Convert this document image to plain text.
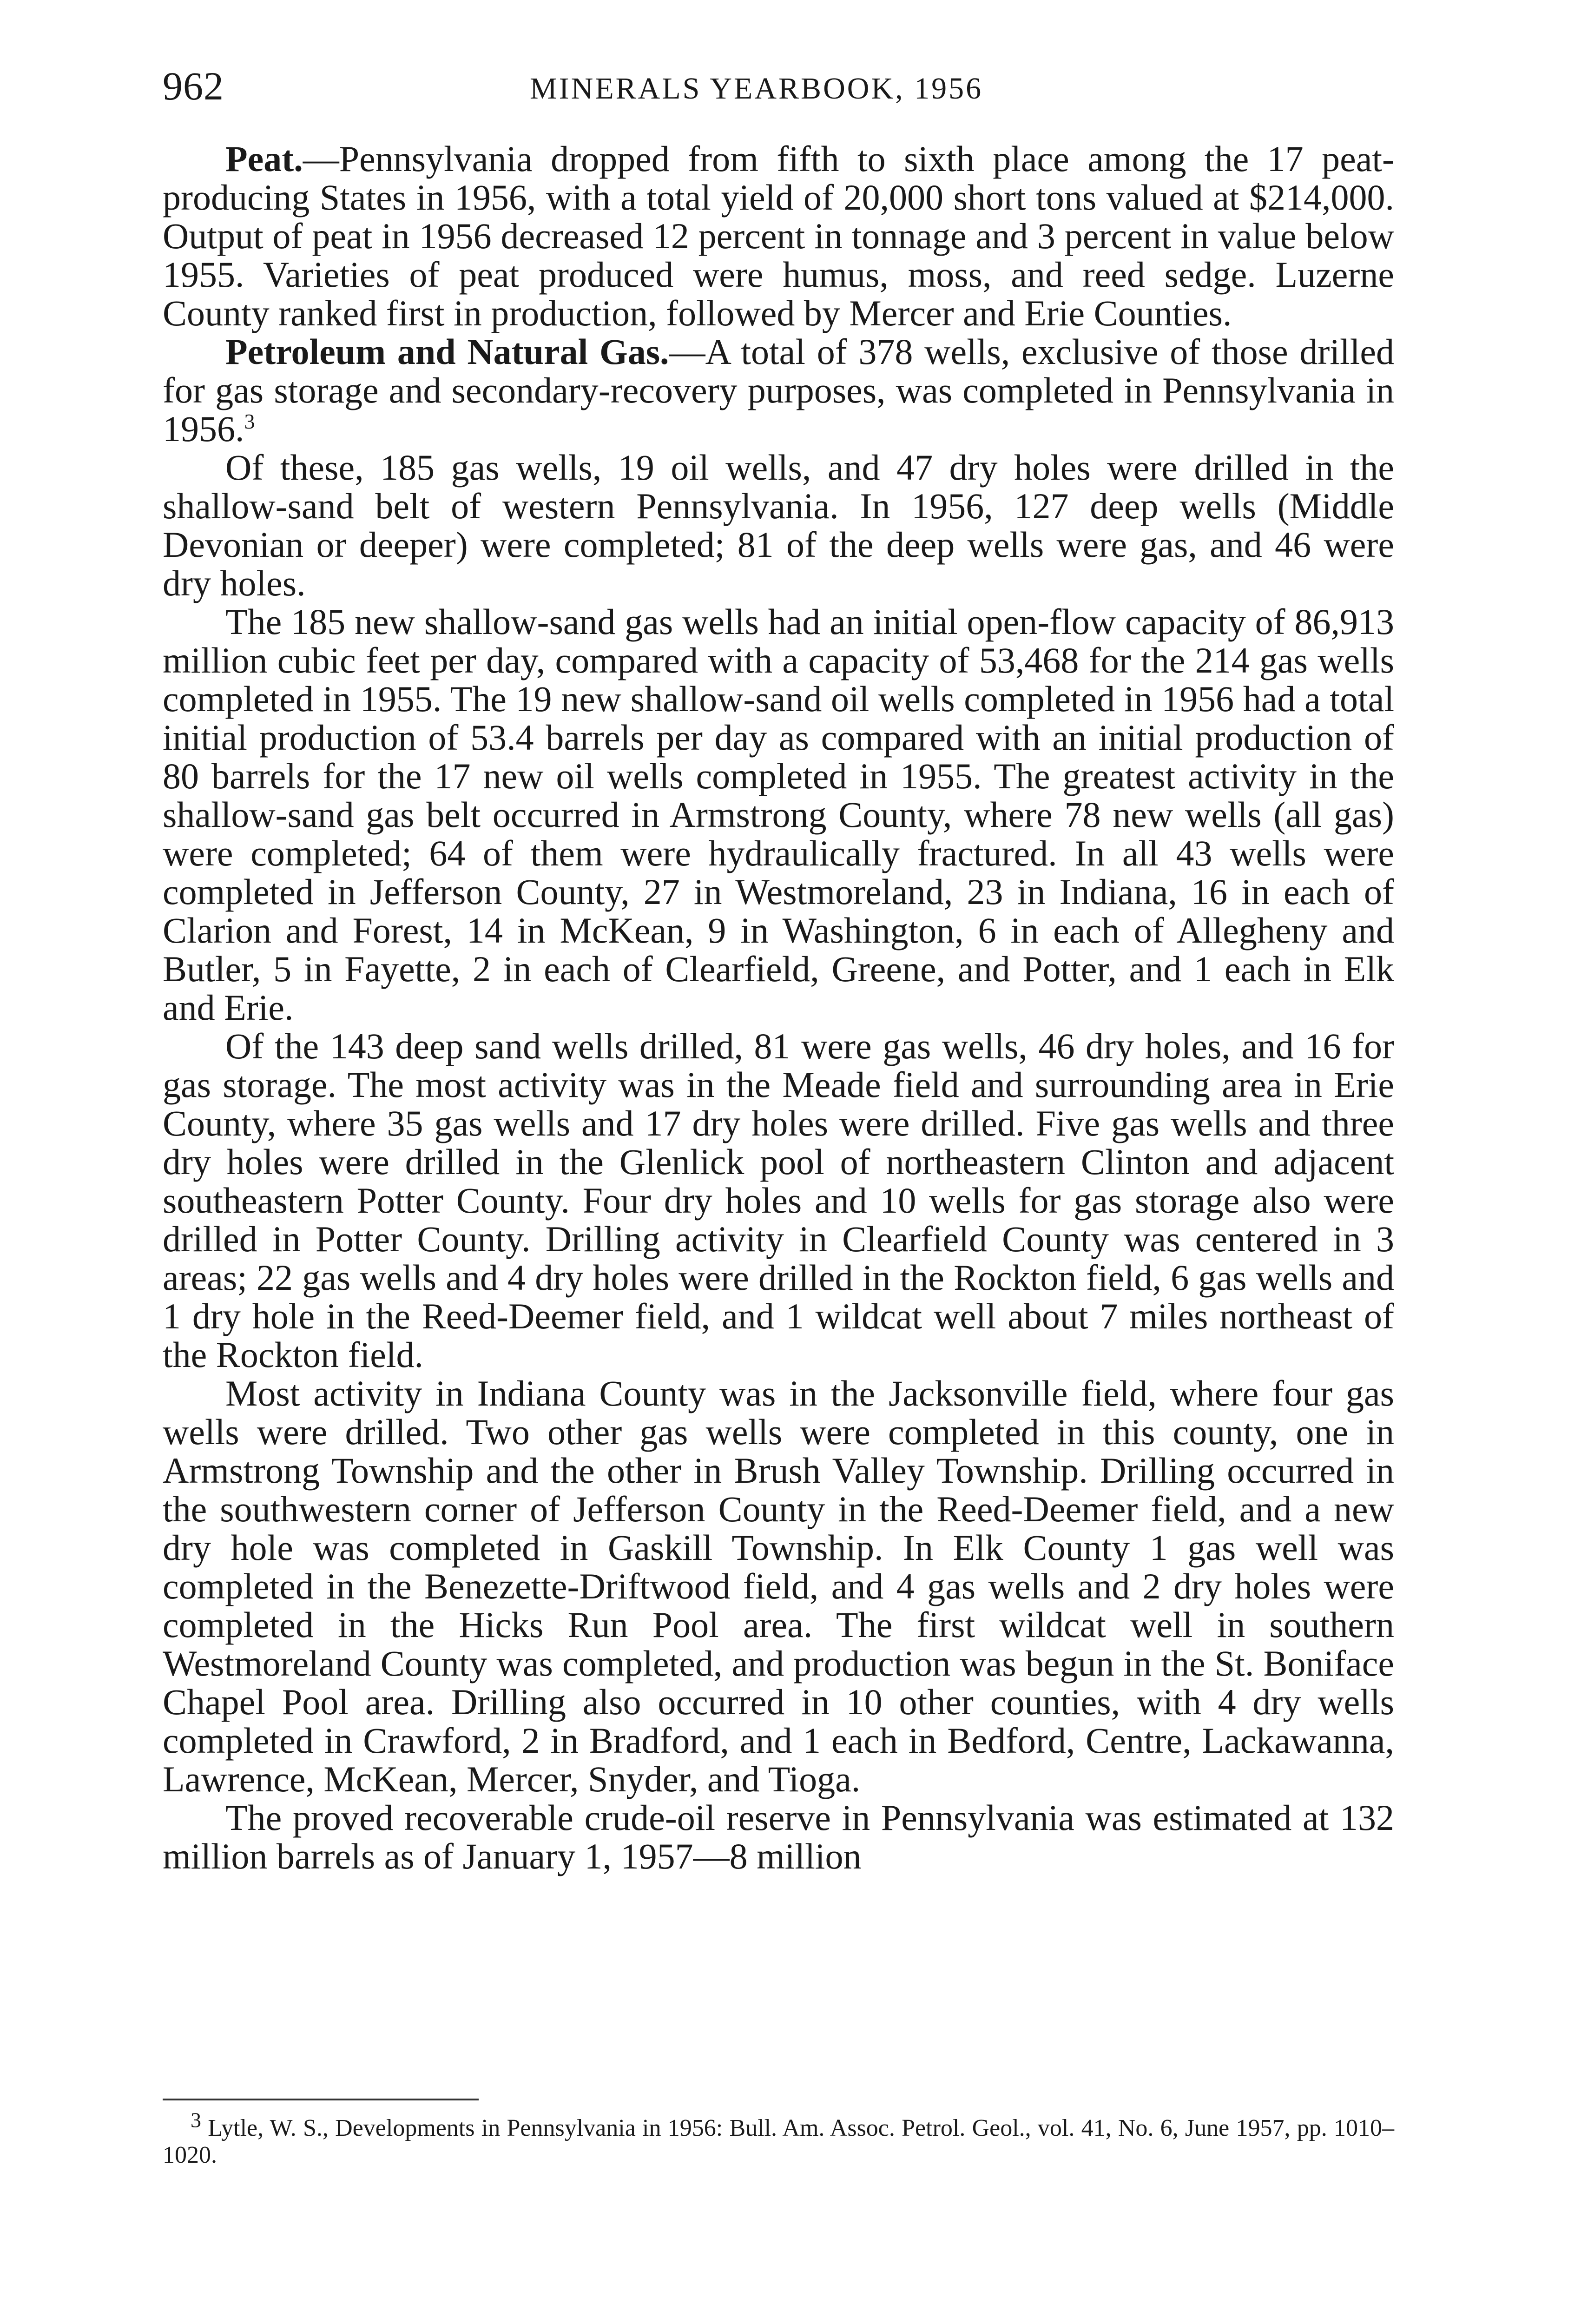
962	MINERALS YEARBOOK, 1956

Peat.—Pennsylvania dropped from fifth to sixth place among the 17 peat-producing States in 1956, with a total yield of 20,000 short tons valued at $214,000. Output of peat in 1956 decreased 12 percent in tonnage and 3 percent in value below 1955. Varieties of peat produced were humus, moss, and reed sedge. Luzerne County ranked first in production, followed by Mercer and Erie Counties.

Petroleum and Natural Gas.—A total of 378 wells, exclusive of those drilled for gas storage and secondary-recovery purposes, was completed in Pennsylvania in 1956.$^3$

Of these, 185 gas wells, 19 oil wells, and 47 dry holes were drilled in the shallow-sand belt of western Pennsylvania. In 1956, 127 deep wells (Middle Devonian or deeper) were completed; 81 of the deep wells were gas, and 46 were dry holes.

The 185 new shallow-sand gas wells had an initial open-flow capacity of 86,913 million cubic feet per day, compared with a capacity of 53,468 for the 214 gas wells completed in 1955. The 19 new shallow-sand oil wells completed in 1956 had a total initial production of 53.4 barrels per day as compared with an initial production of 80 barrels for the 17 new oil wells completed in 1955. The greatest activity in the shallow-sand gas belt occurred in Armstrong County, where 78 new wells (all gas) were completed; 64 of them were hydraulically fractured. In all 43 wells were completed in Jefferson County, 27 in Westmoreland, 23 in Indiana, 16 in each of Clarion and Forest, 14 in McKean, 9 in Washington, 6 in each of Allegheny and Butler, 5 in Fayette, 2 in each of Clearfield, Greene, and Potter, and 1 each in Elk and Erie.

Of the 143 deep sand wells drilled, 81 were gas wells, 46 dry holes, and 16 for gas storage. The most activity was in the Meade field and surrounding area in Erie County, where 35 gas wells and 17 dry holes were drilled. Five gas wells and three dry holes were drilled in the Glenlick pool of northeastern Clinton and adjacent southeastern Potter County. Four dry holes and 10 wells for gas storage also were drilled in Potter County. Drilling activity in Clearfield County was centered in 3 areas; 22 gas wells and 4 dry holes were drilled in the Rockton field, 6 gas wells and 1 dry hole in the Reed-Deemer field, and 1 wildcat well about 7 miles northeast of the Rockton field.

Most activity in Indiana County was in the Jacksonville field, where four gas wells were drilled. Two other gas wells were completed in this county, one in Armstrong Township and the other in Brush Valley Township. Drilling occurred in the southwestern corner of Jefferson County in the Reed-Deemer field, and a new dry hole was completed in Gaskill Township. In Elk County 1 gas well was completed in the Benezette-Driftwood field, and 4 gas wells and 2 dry holes were completed in the Hicks Run Pool area. The first wildcat well in southern Westmoreland County was completed, and production was begun in the St. Boniface Chapel Pool area. Drilling also occurred in 10 other counties, with 4 dry wells completed in Crawford, 2 in Bradford, and 1 each in Bedford, Centre, Lackawanna, Lawrence, McKean, Mercer, Snyder, and Tioga.

The proved recoverable crude-oil reserve in Pennsylvania was estimated at 132 million barrels as of January 1, 1957—8 million

$^3$ Lytle, W. S., Developments in Pennsylvania in 1956: Bull. Am. Assoc. Petrol. Geol., vol. 41, No. 6, June 1957, pp. 1010–1020.
